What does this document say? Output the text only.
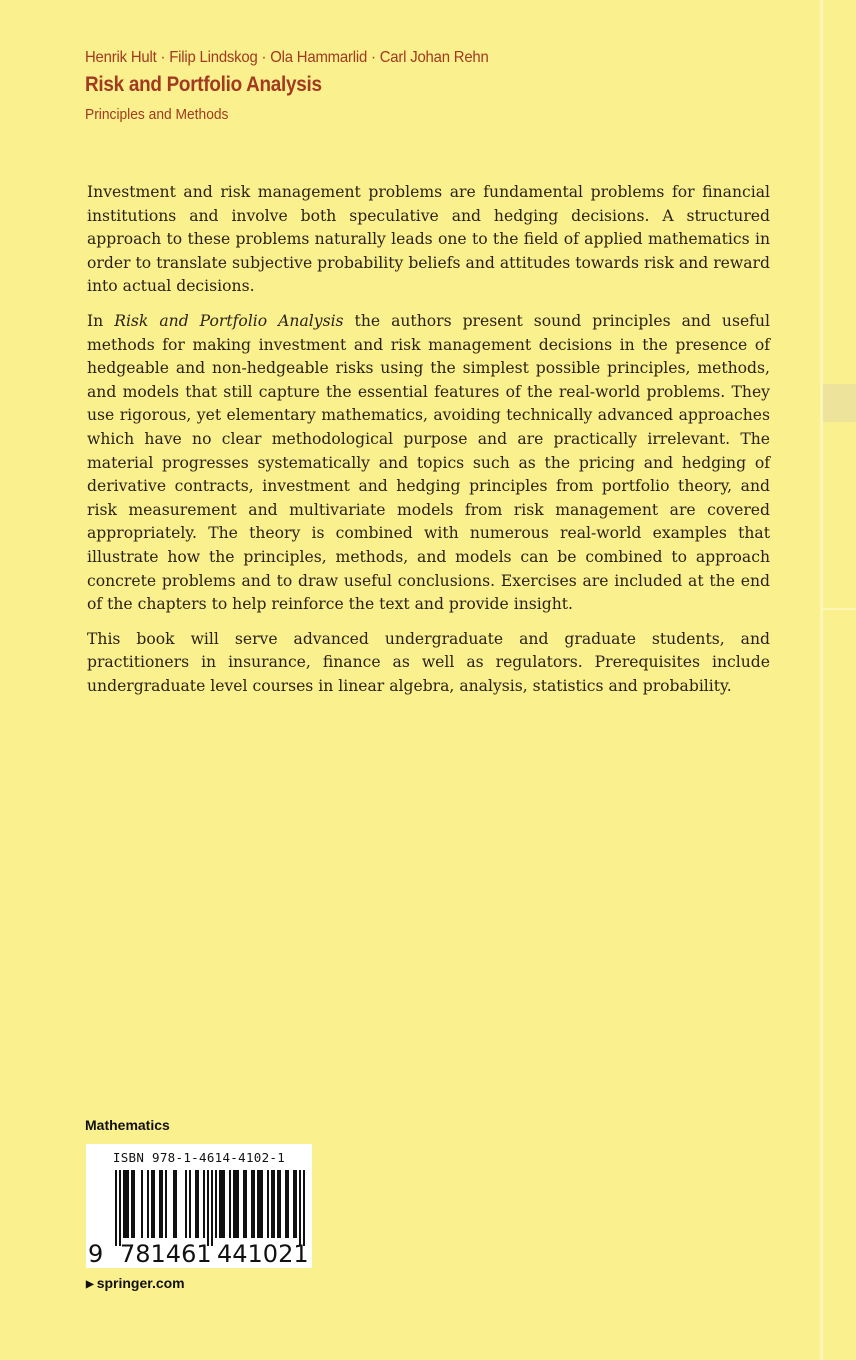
Henrik Hult · Filip Lindskog · Ola Hammarlid · Carl Johan Rehn

Risk and Portfolio Analysis

Principles and Methods

Investment and risk management problems are fundamental problems for financial institutions and involve both speculative and hedging decisions. A structured approach to these problems naturally leads one to the field of applied mathematics in order to translate subjective probability beliefs and attitudes towards risk and reward into actual decisions.

In Risk and Portfolio Analysis the authors present sound principles and useful methods for making investment and risk management decisions in the presence of hedgeable and non-hedgeable risks using the simplest possible principles, methods, and models that still capture the essential features of the real-world problems. They use rigorous, yet elementary mathematics, avoiding technically advanced approaches which have no clear methodological purpose and are practically irrelevant. The material progresses systematically and topics such as the pricing and hedging of derivative contracts, investment and hedging principles from portfolio theory, and risk measurement and multivariate models from risk management are covered appropriately. The theory is combined with numerous real-world examples that illustrate how the principles, methods, and models can be combined to approach concrete problems and to draw useful conclusions. Exercises are included at the end of the chapters to help reinforce the text and provide insight.

This book will serve advanced undergraduate and graduate students, and practitioners in insurance, finance as well as regulators. Prerequisites include undergraduate level courses in linear algebra, analysis, statistics and probability.

Mathematics
ISBN 978-1-4614-4102-1
9 781461 441021
▶ springer.com
